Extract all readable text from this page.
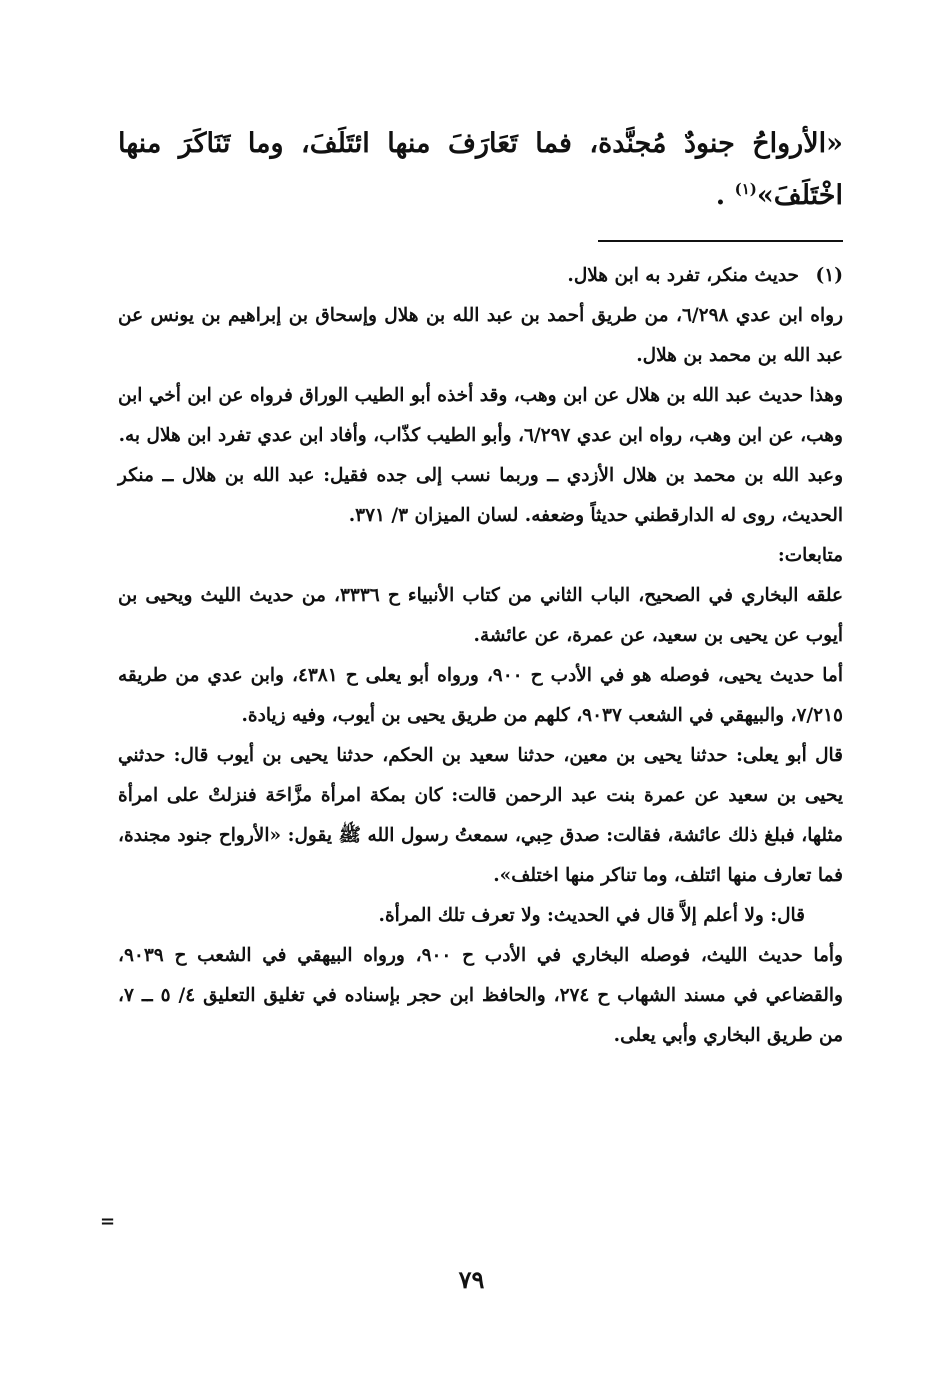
«الأرواحُ جنودٌ مُجنَّدة، فما تَعَارَفَ منها ائتَلَفَ، وما تَنَاكَرَ منها اخْتَلَفَ»$^{(١)}$ .
(١)
حديث منكر، تفرد به ابن هلال.
رواه ابن عدي ٦/٢٩٨، من طريق أحمد بن عبد الله بن هلال وإسحاق بن إبراهيم بن يونس عن عبد الله بن محمد بن هلال.
وهذا حديث عبد الله بن هلال عن ابن وهب، وقد أخذه أبو الطيب الوراق فرواه عن ابن أخي ابن وهب، عن ابن وهب، رواه ابن عدي ٦/٢٩٧، وأبو الطيب كذّاب، وأفاد ابن عدي تفرد ابن هلال به.
وعبد الله بن محمد بن هلال الأزدي ــ وربما نسب إلى جده فقيل: عبد الله بن هلال ــ منكر الحديث، روى له الدارقطني حديثاً وضعفه. لسان الميزان ٣/ ٣٧١.
متابعات:
علقه البخاري في الصحيح، الباب الثاني من كتاب الأنبياء ح ٣٣٣٦، من حديث الليث ويحيى بن أيوب عن يحيى بن سعيد، عن عمرة، عن عائشة.
أما حديث يحيى، فوصله هو في الأدب ح ٩٠٠، ورواه أبو يعلى ح ٤٣٨١، وابن عدي من طريقه ٧/٢١٥، والبيهقي في الشعب ٩٠٣٧، كلهم من طريق يحيى بن أيوب، وفيه زيادة.
قال أبو يعلى: حدثنا يحيى بن معين، حدثنا سعيد بن الحكم، حدثنا يحيى بن أيوب قال: حدثني يحيى بن سعيد عن عمرة بنت عبد الرحمن قالت: كان بمكة امرأة مزَّاحَة فنزلتْ على امرأة مثلها، فبلغ ذلك عائشة، فقالت: صدق حِبي، سمعتُ رسول الله ﷺ يقول: «الأرواح جنود مجندة، فما تعارف منها ائتلف، وما تناكر منها اختلف».
قال: ولا أعلم إلاَّ قال في الحديث: ولا تعرف تلك المرأة.
وأما حديث الليث، فوصله البخاري في الأدب ح ٩٠٠، ورواه البيهقي في الشعب ح ٩٠٣٩، والقضاعي في مسند الشهاب ح ٢٧٤، والحافظ ابن حجر بإسناده في تغليق التعليق ٤/ ٥ ــ ٧، من طريق البخاري وأبي يعلى.
=
٧٩
